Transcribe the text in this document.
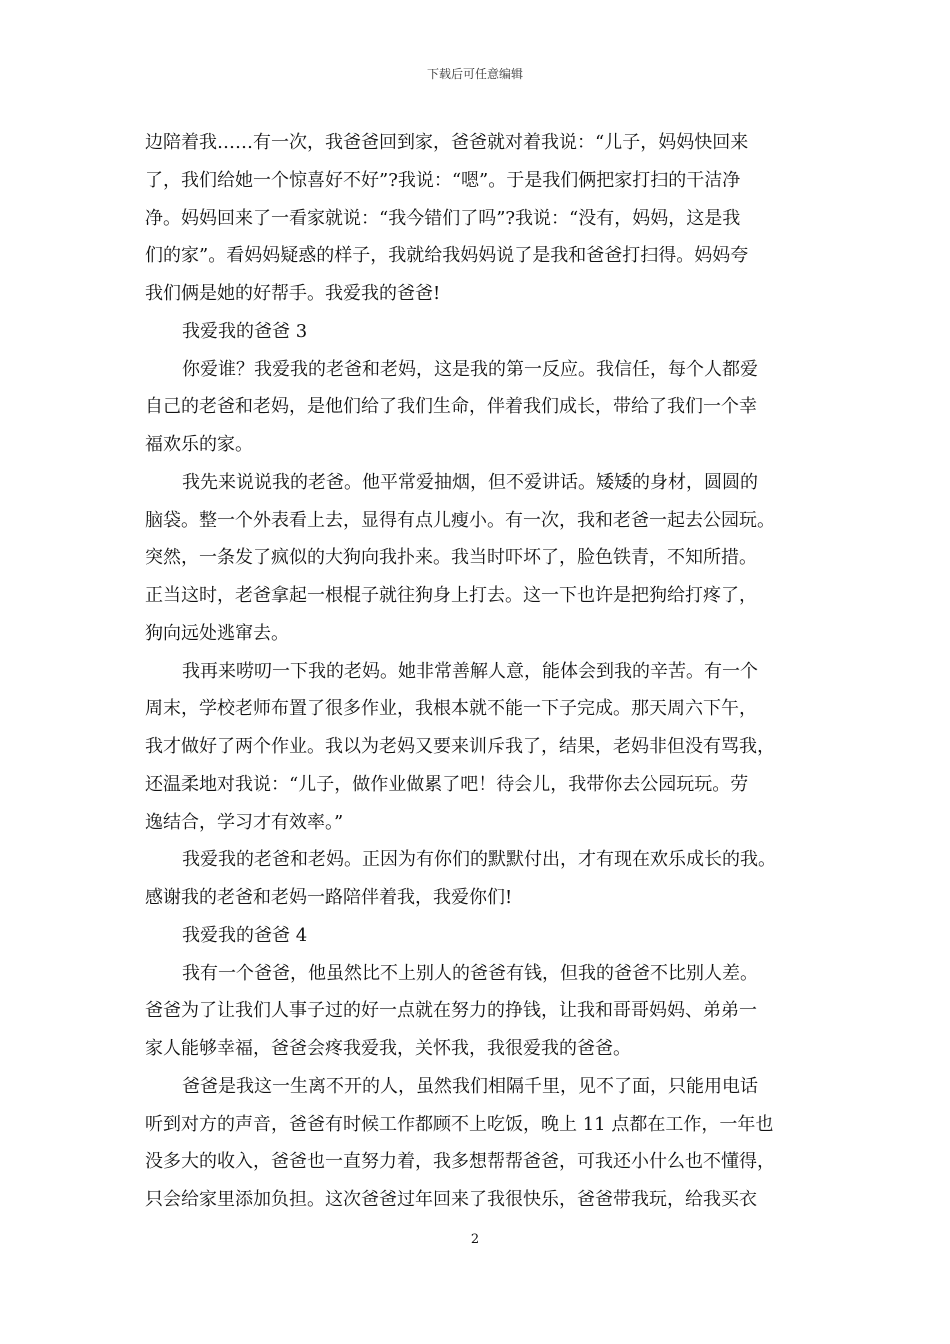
下载后可任意编辑
边陪着我……有一次，我爸爸回到家，爸爸就对着我说：“儿子，妈妈快回来
了，我们给她一个惊喜好不好”?我说：“嗯”。于是我们俩把家打扫的干洁净
净。妈妈回来了一看家就说：“我今错们了吗”?我说：“没有，妈妈，这是我
们的家”。看妈妈疑惑的样子，我就给我妈妈说了是我和爸爸打扫得。妈妈夸
我们俩是她的好帮手。我爱我的爸爸!
我爱我的爸爸 3
你爱谁？我爱我的老爸和老妈，这是我的第一反应。我信任，每个人都爱
自己的老爸和老妈，是他们给了我们生命，伴着我们成长，带给了我们一个幸
福欢乐的家。
我先来说说我的老爸。他平常爱抽烟，但不爱讲话。矮矮的身材，圆圆的
脑袋。整一个外表看上去，显得有点儿瘦小。有一次，我和老爸一起去公园玩。
突然，一条发了疯似的大狗向我扑来。我当时吓坏了，脸色铁青，不知所措。
正当这时，老爸拿起一根棍子就往狗身上打去。这一下也许是把狗给打疼了，
狗向远处逃窜去。
我再来唠叨一下我的老妈。她非常善解人意，能体会到我的辛苦。有一个
周末，学校老师布置了很多作业，我根本就不能一下子完成。那天周六下午，
我才做好了两个作业。我以为老妈又要来训斥我了，结果，老妈非但没有骂我，
还温柔地对我说：“儿子，做作业做累了吧！待会儿，我带你去公园玩玩。劳
逸结合，学习才有效率。”
我爱我的老爸和老妈。正因为有你们的默默付出，才有现在欢乐成长的我。
感谢我的老爸和老妈一路陪伴着我，我爱你们!
我爱我的爸爸 4
我有一个爸爸，他虽然比不上别人的爸爸有钱，但我的爸爸不比别人差。
爸爸为了让我们人事子过的好一点就在努力的挣钱，让我和哥哥妈妈、弟弟一
家人能够幸福，爸爸会疼我爱我，关怀我，我很爱我的爸爸。
爸爸是我这一生离不开的人，虽然我们相隔千里，见不了面，只能用电话
听到对方的声音，爸爸有时候工作都顾不上吃饭，晚上 11 点都在工作，一年也
没多大的收入，爸爸也一直努力着，我多想帮帮爸爸，可我还小什么也不懂得，
只会给家里添加负担。这次爸爸过年回来了我很快乐，爸爸带我玩，给我买衣
2
